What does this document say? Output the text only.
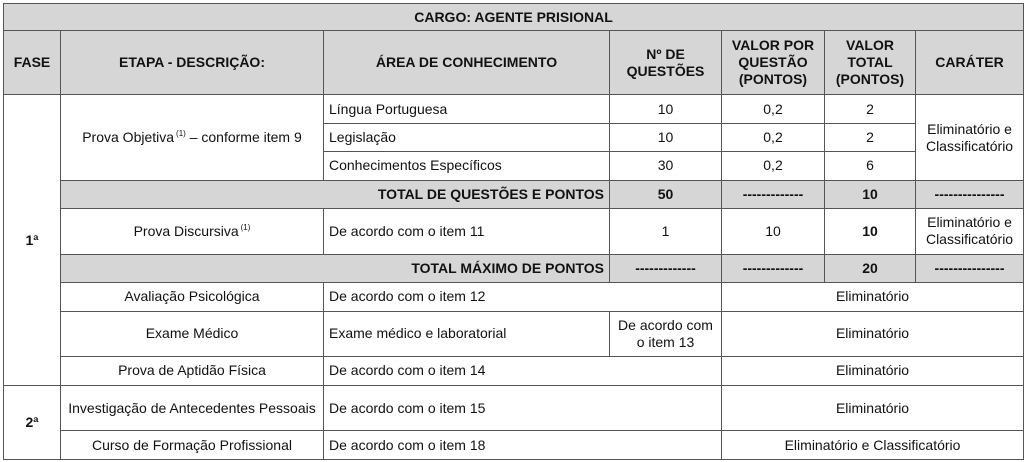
CARGO: AGENTE PRISIONAL						
FASE	ETAPA - DESCRIÇÃO:	ÁREA DE CONHECIMENTO	Nº DE QUESTÕES	VALOR POR QUESTÃO (PONTOS)	VALOR TOTAL (PONTOS)	CARÁTER
1ª	Prova Objetiva $^{(1)}$ – conforme item 9	Língua Portuguesa	10	0,2	2	Eliminatório e Classificatório
		Legislação	10	0,2	2	
		Conhecimentos Específicos	30	0,2	6	
	TOTAL DE QUESTÕES E PONTOS		50	-------------	10	---------------
	Prova Discursiva $^{(1)}$	De acordo com o item 11	1	10	10	Eliminatório e Classificatório
	TOTAL MÁXIMO DE PONTOS		-------------	-------------	20	---------------
	Avaliação Psicológica	De acordo com o item 12		Eliminatório		
	Exame Médico	Exame médico e laboratorial	De acordo com o item 13	Eliminatório		
	Prova de Aptidão Física	De acordo com o item 14		Eliminatório		
2ª	Investigação de Antecedentes Pessoais	De acordo com o item 15		Eliminatório		
	Curso de Formação Profissional	De acordo com o item 18		Eliminatório e Classificatório		
